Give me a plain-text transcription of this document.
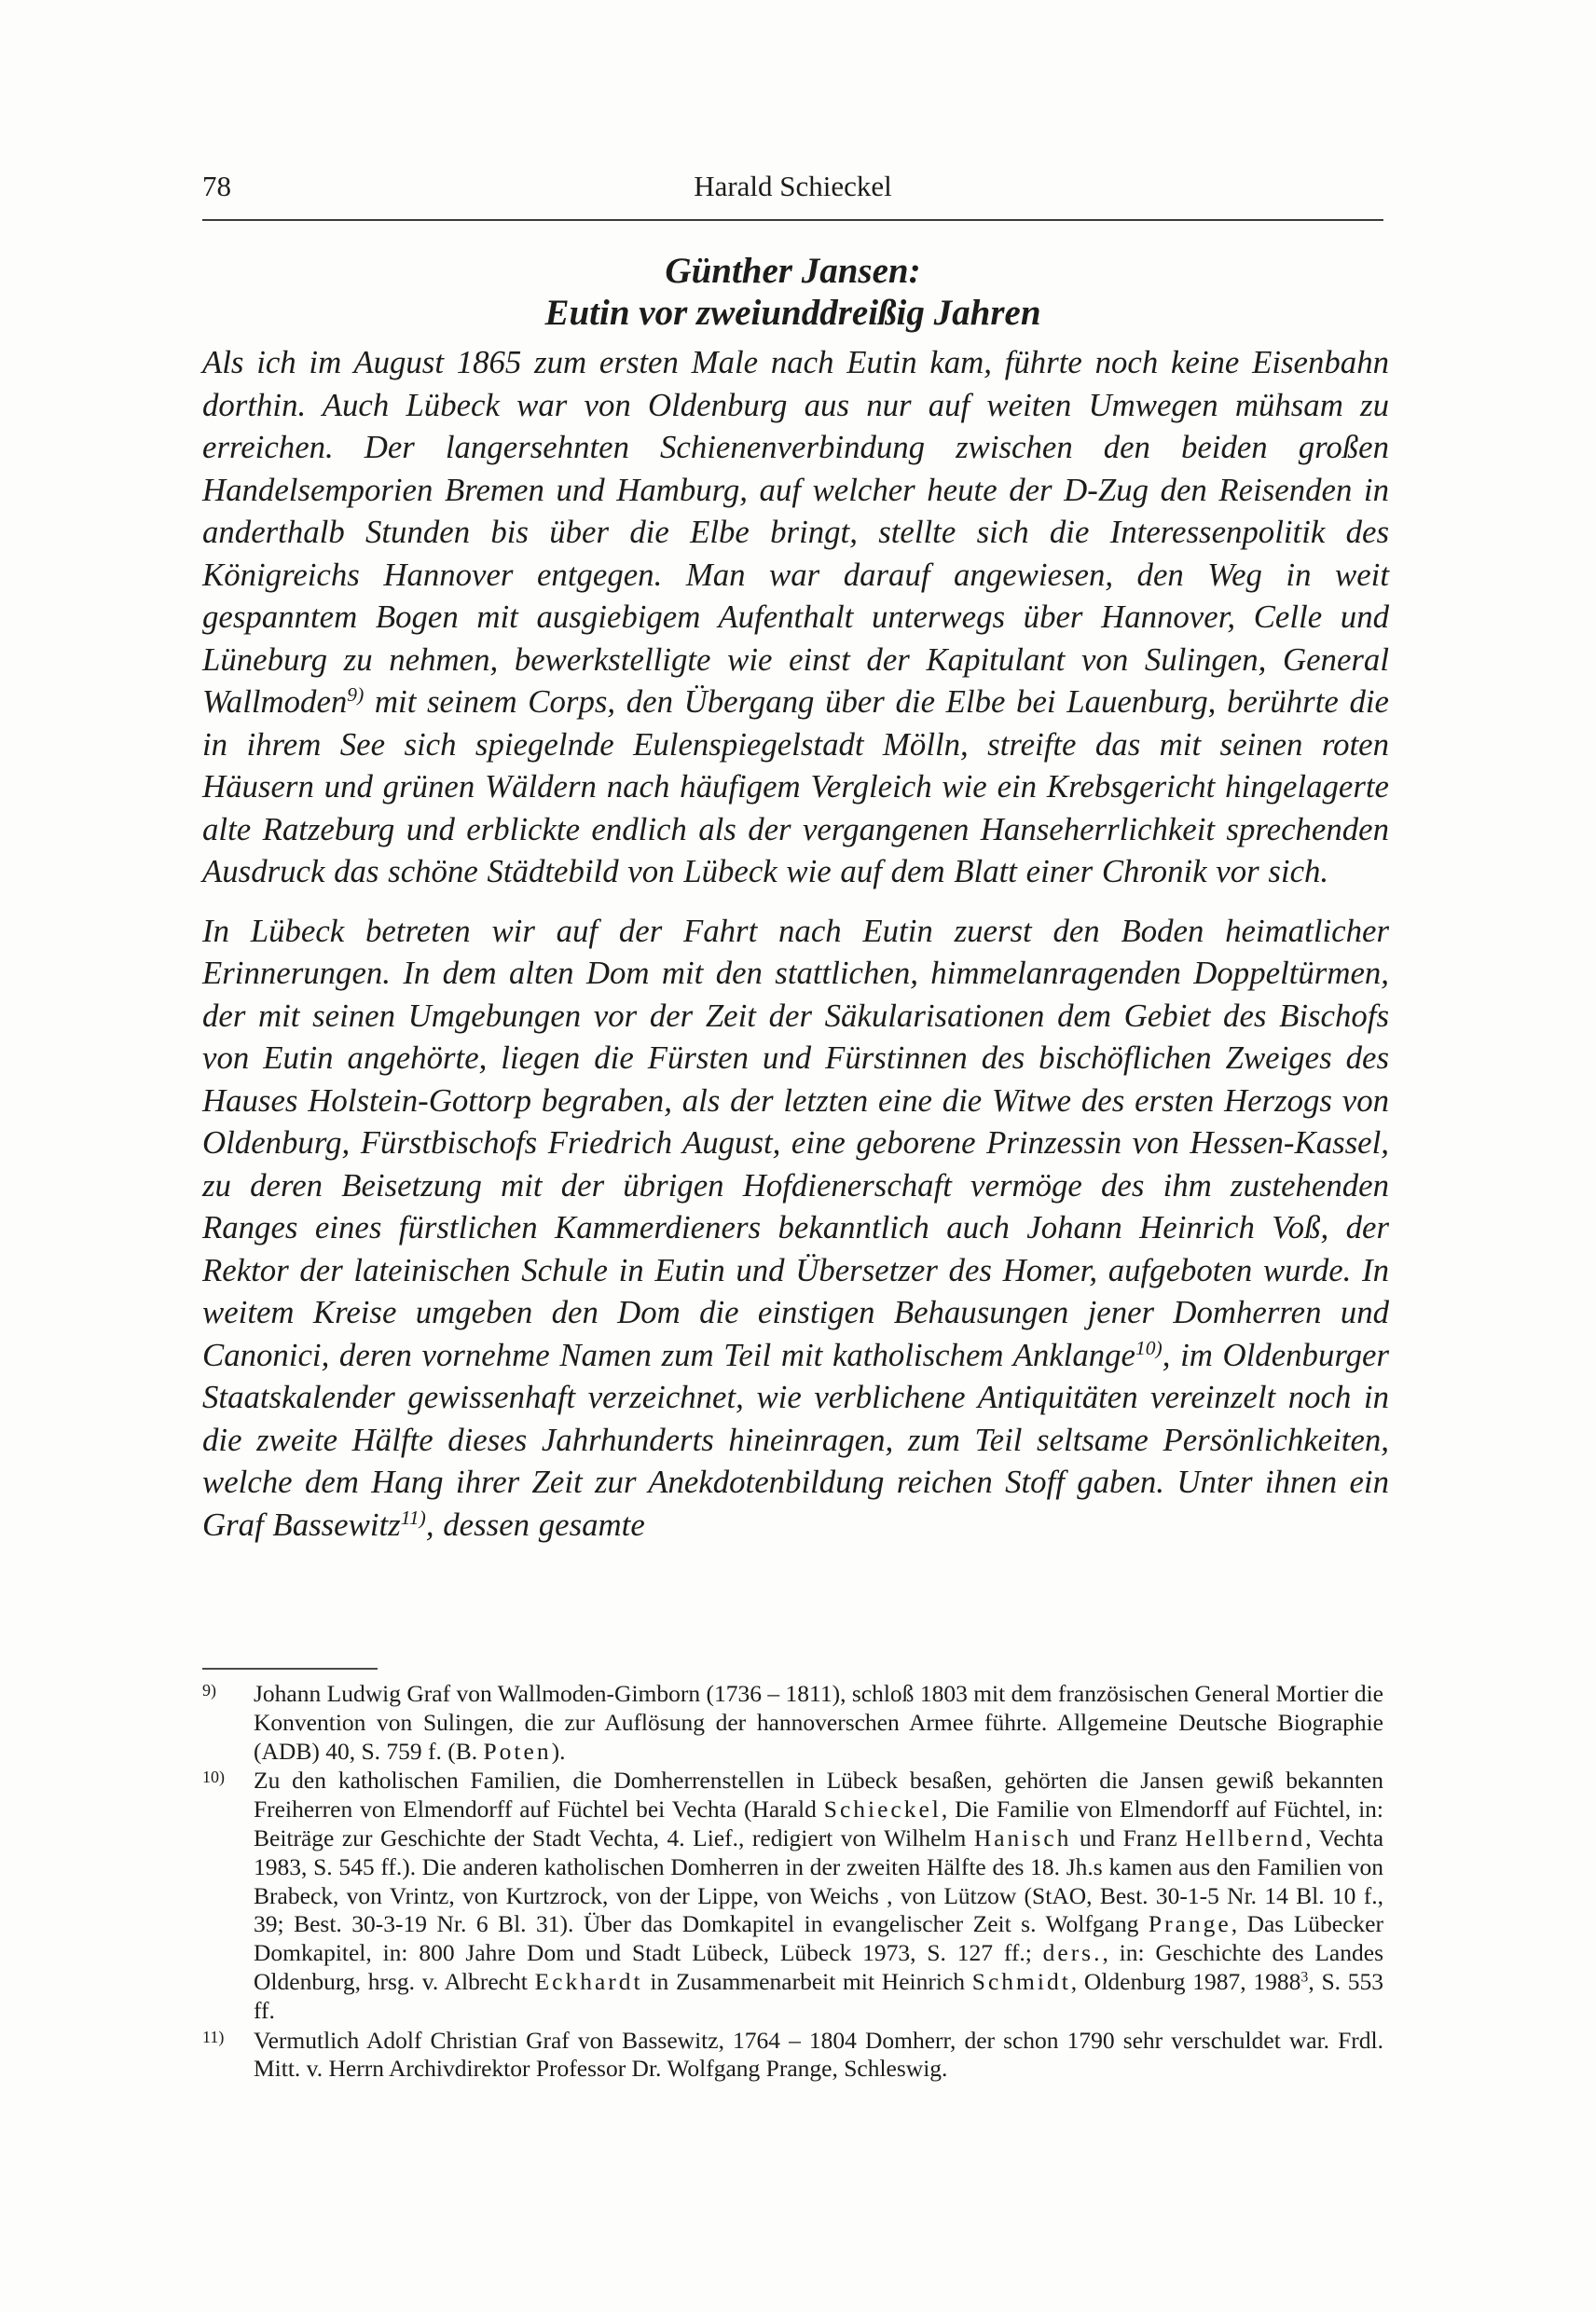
78	Harald Schieckel
Günther Jansen:
Eutin vor zweiunddreißig Jahren

Als ich im August 1865 zum ersten Male nach Eutin kam, führte noch keine Eisenbahn dorthin. Auch Lübeck war von Oldenburg aus nur auf weiten Umwegen mühsam zu erreichen. Der langersehnten Schienenverbindung zwischen den beiden großen Handelsemporien Bremen und Hamburg, auf welcher heute der D-Zug den Reisenden in anderthalb Stunden bis über die Elbe bringt, stellte sich die Interessenpolitik des Königreichs Hannover entgegen. Man war darauf angewiesen, den Weg in weit gespanntem Bogen mit ausgiebigem Aufenthalt unterwegs über Hannover, Celle und Lüneburg zu nehmen, bewerkstelligte wie einst der Kapitulant von Sulingen, General Wallmoden$^{9)}$ mit seinem Corps, den Übergang über die Elbe bei Lauenburg, berührte die in ihrem See sich spiegelnde Eulenspiegelstadt Mölln, streifte das mit seinen roten Häusern und grünen Wäldern nach häufigem Vergleich wie ein Krebsgericht hingelagerte alte Ratzeburg und erblickte endlich als der vergangenen Hanseherrlichkeit sprechenden Ausdruck das schöne Städtebild von Lübeck wie auf dem Blatt einer Chronik vor sich.

In Lübeck betreten wir auf der Fahrt nach Eutin zuerst den Boden heimatlicher Erinnerungen. In dem alten Dom mit den stattlichen, himmelanragenden Doppeltürmen, der mit seinen Umgebungen vor der Zeit der Säkularisationen dem Gebiet des Bischofs von Eutin angehörte, liegen die Fürsten und Fürstinnen des bischöflichen Zweiges des Hauses Holstein-Gottorp begraben, als der letzten eine die Witwe des ersten Herzogs von Oldenburg, Fürstbischofs Friedrich August, eine geborene Prinzessin von Hessen-Kassel, zu deren Beisetzung mit der übrigen Hofdienerschaft vermöge des ihm zustehenden Ranges eines fürstlichen Kammerdieners bekanntlich auch Johann Heinrich Voß, der Rektor der lateinischen Schule in Eutin und Übersetzer des Homer, aufgeboten wurde. In weitem Kreise umgeben den Dom die einstigen Behausungen jener Domherren und Canonici, deren vornehme Namen zum Teil mit katholischem Anklange$^{10)}$, im Oldenburger Staatskalender gewissenhaft verzeichnet, wie verblichene Antiquitäten vereinzelt noch in die zweite Hälfte dieses Jahrhunderts hineinragen, zum Teil seltsame Persönlichkeiten, welche dem Hang ihrer Zeit zur Anekdotenbildung reichen Stoff gaben. Unter ihnen ein Graf Bassewitz$^{11)}$, dessen gesamte

9) Johann Ludwig Graf von Wallmoden-Gimborn (1736 – 1811), schloß 1803 mit dem französischen General Mortier die Konvention von Sulingen, die zur Auflösung der hannoverschen Armee führte. Allgemeine Deutsche Biographie (ADB) 40, S. 759 f. (B. Poten).
10) Zu den katholischen Familien, die Domherrenstellen in Lübeck besaßen, gehörten die Jansen gewiß bekannten Freiherren von Elmendorff auf Füchtel bei Vechta (Harald Schieckel, Die Familie von Elmendorff auf Füchtel, in: Beiträge zur Geschichte der Stadt Vechta, 4. Lief., redigiert von Wilhelm Hanisch und Franz Hellbernd, Vechta 1983, S. 545 ff.). Die anderen katholischen Domherren in der zweiten Hälfte des 18. Jh.s kamen aus den Familien von Brabeck, von Vrintz, von Kurtzrock, von der Lippe, von Weichs , von Lützow (StAO, Best. 30-1-5 Nr. 14 Bl. 10 f., 39; Best. 30-3-19 Nr. 6 Bl. 31). Über das Domkapitel in evangelischer Zeit s. Wolfgang Prange, Das Lübecker Domkapitel, in: 800 Jahre Dom und Stadt Lübeck, Lübeck 1973, S. 127 ff.; ders., in: Geschichte des Landes Oldenburg, hrsg. v. Albrecht Eckhardt in Zusammenarbeit mit Heinrich Schmidt, Oldenburg 1987, 1988$^3$, S. 553 ff.
11) Vermutlich Adolf Christian Graf von Bassewitz, 1764 – 1804 Domherr, der schon 1790 sehr verschuldet war. Frdl. Mitt. v. Herrn Archivdirektor Professor Dr. Wolfgang Prange, Schleswig.
